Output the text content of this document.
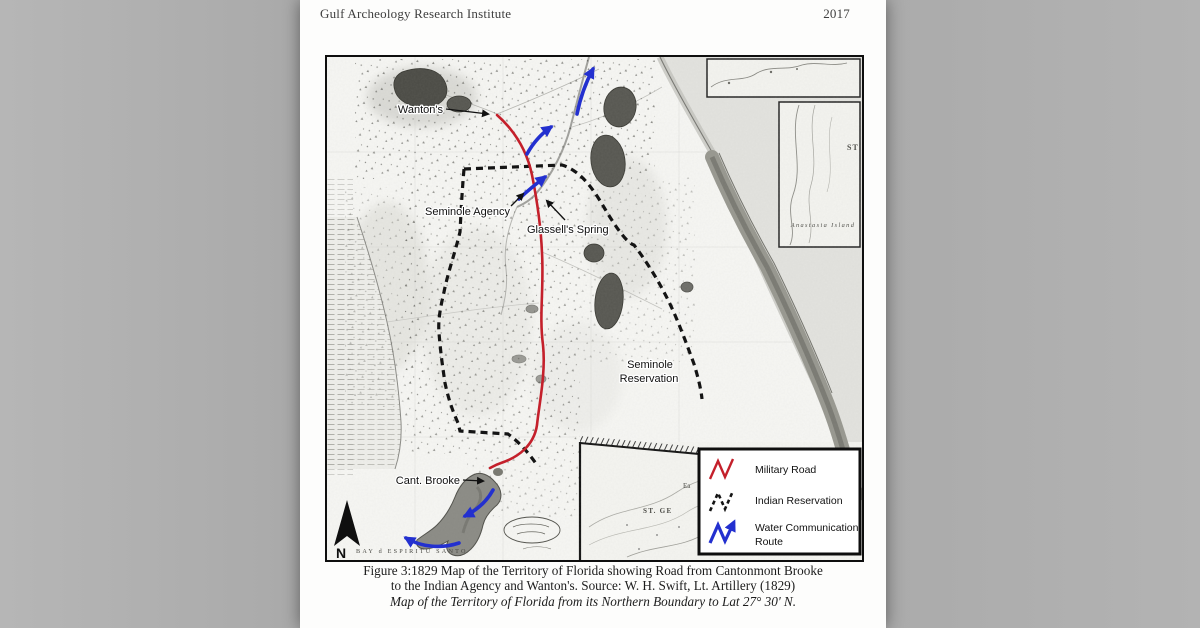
Gulf Archeology Research Institute	2017
ST
Anastasia Island
Ea
ST. GE
Wanton's
Seminole Agency
Glassell's Spring
Seminole
Reservation
Cant. Brooke
BAY d ESPIRITU SANTO
N
Military Road
Indian Reservation
Water Communication
Route
Figure 3:1829 Map of the Territory of Florida showing Road from Cantonmont Brooke
to the Indian Agency and Wanton's. Source: W. H. Swift, Lt. Artillery (1829)
Map of the Territory of Florida from its Northern Boundary to Lat 27° 30' N.
